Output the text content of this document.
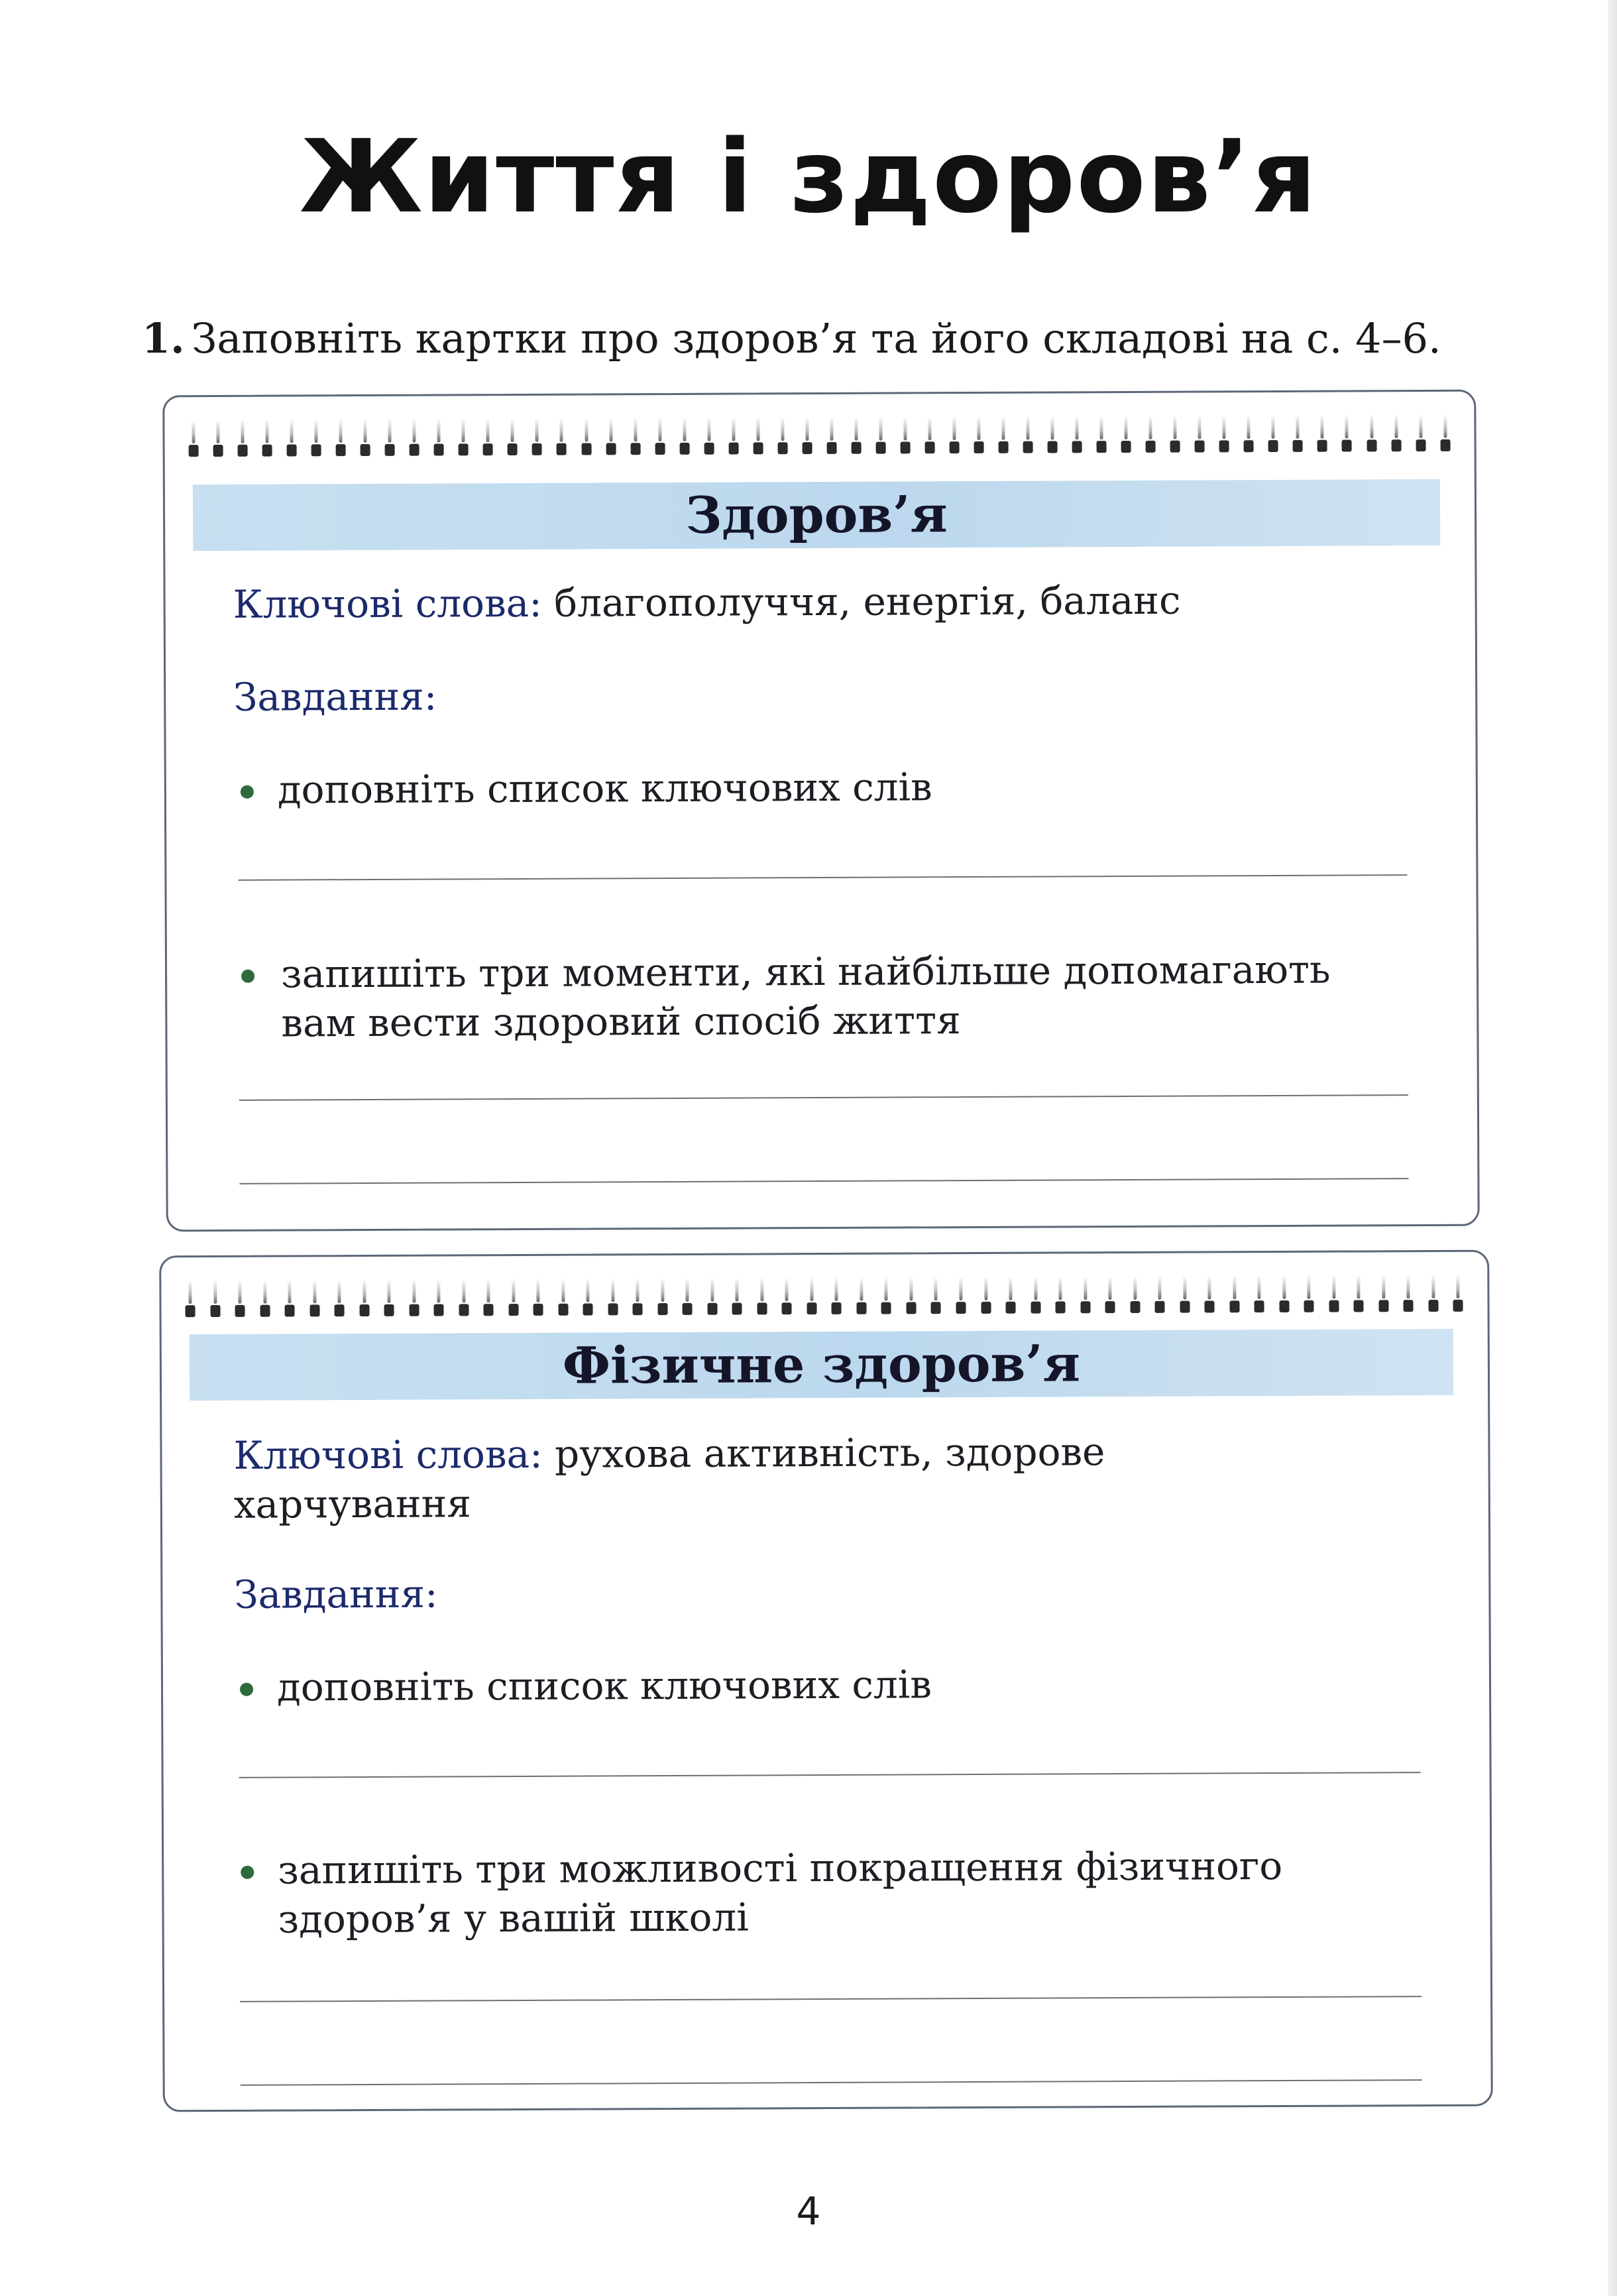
Життя і здоров’я
1. Заповніть картки про здоров’я та його складові на с. 4–6.
Здоров’я
Ключові слова: благополуччя, енергія, баланс
Завдання:
доповніть список ключових слів
запишіть три моменти, які найбільше допомагають
вам вести здоровий спосіб життя
Фізичне здоров’я
Ключові слова: рухова активність, здорове
харчування
Завдання:
доповніть список ключових слів
запишіть три можливості покращення фізичного
здоров’я у вашій школі
4
